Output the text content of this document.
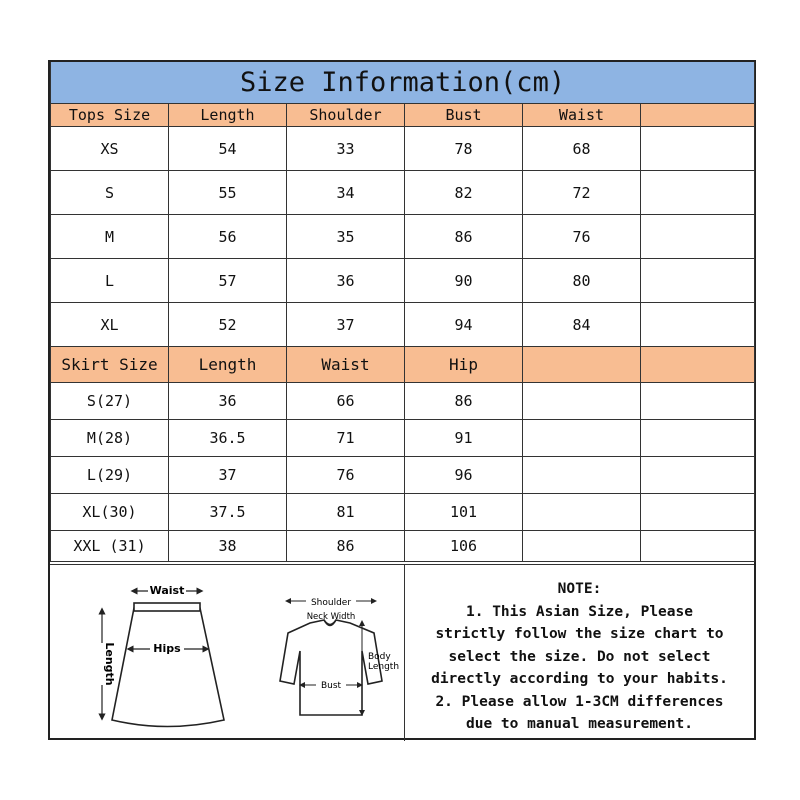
Size Information(cm)					
Tops Size	Length	Shoulder	Bust	Waist	
XS	54	33	78	68	
S	55	34	82	72	
M	56	35	86	76	
L	57	36	90	80	
XL	52	37	94	84	
Skirt Size	Length	Waist	Hip		
S(27)	36	66	86		
M(28)	36.5	71	91		
L(29)	37	76	96		
XL(30)	37.5	81	101		
XXL (31)	38	86	106		
Waist
Hips
Length
Shoulder
Neck Width
Bust
Body
Length
NOTE:
1. This Asian Size, Please
strictly follow the size chart to
select the size. Do not select
directly according to your habits.
2. Please allow 1-3CM differences
due to manual measurement.
